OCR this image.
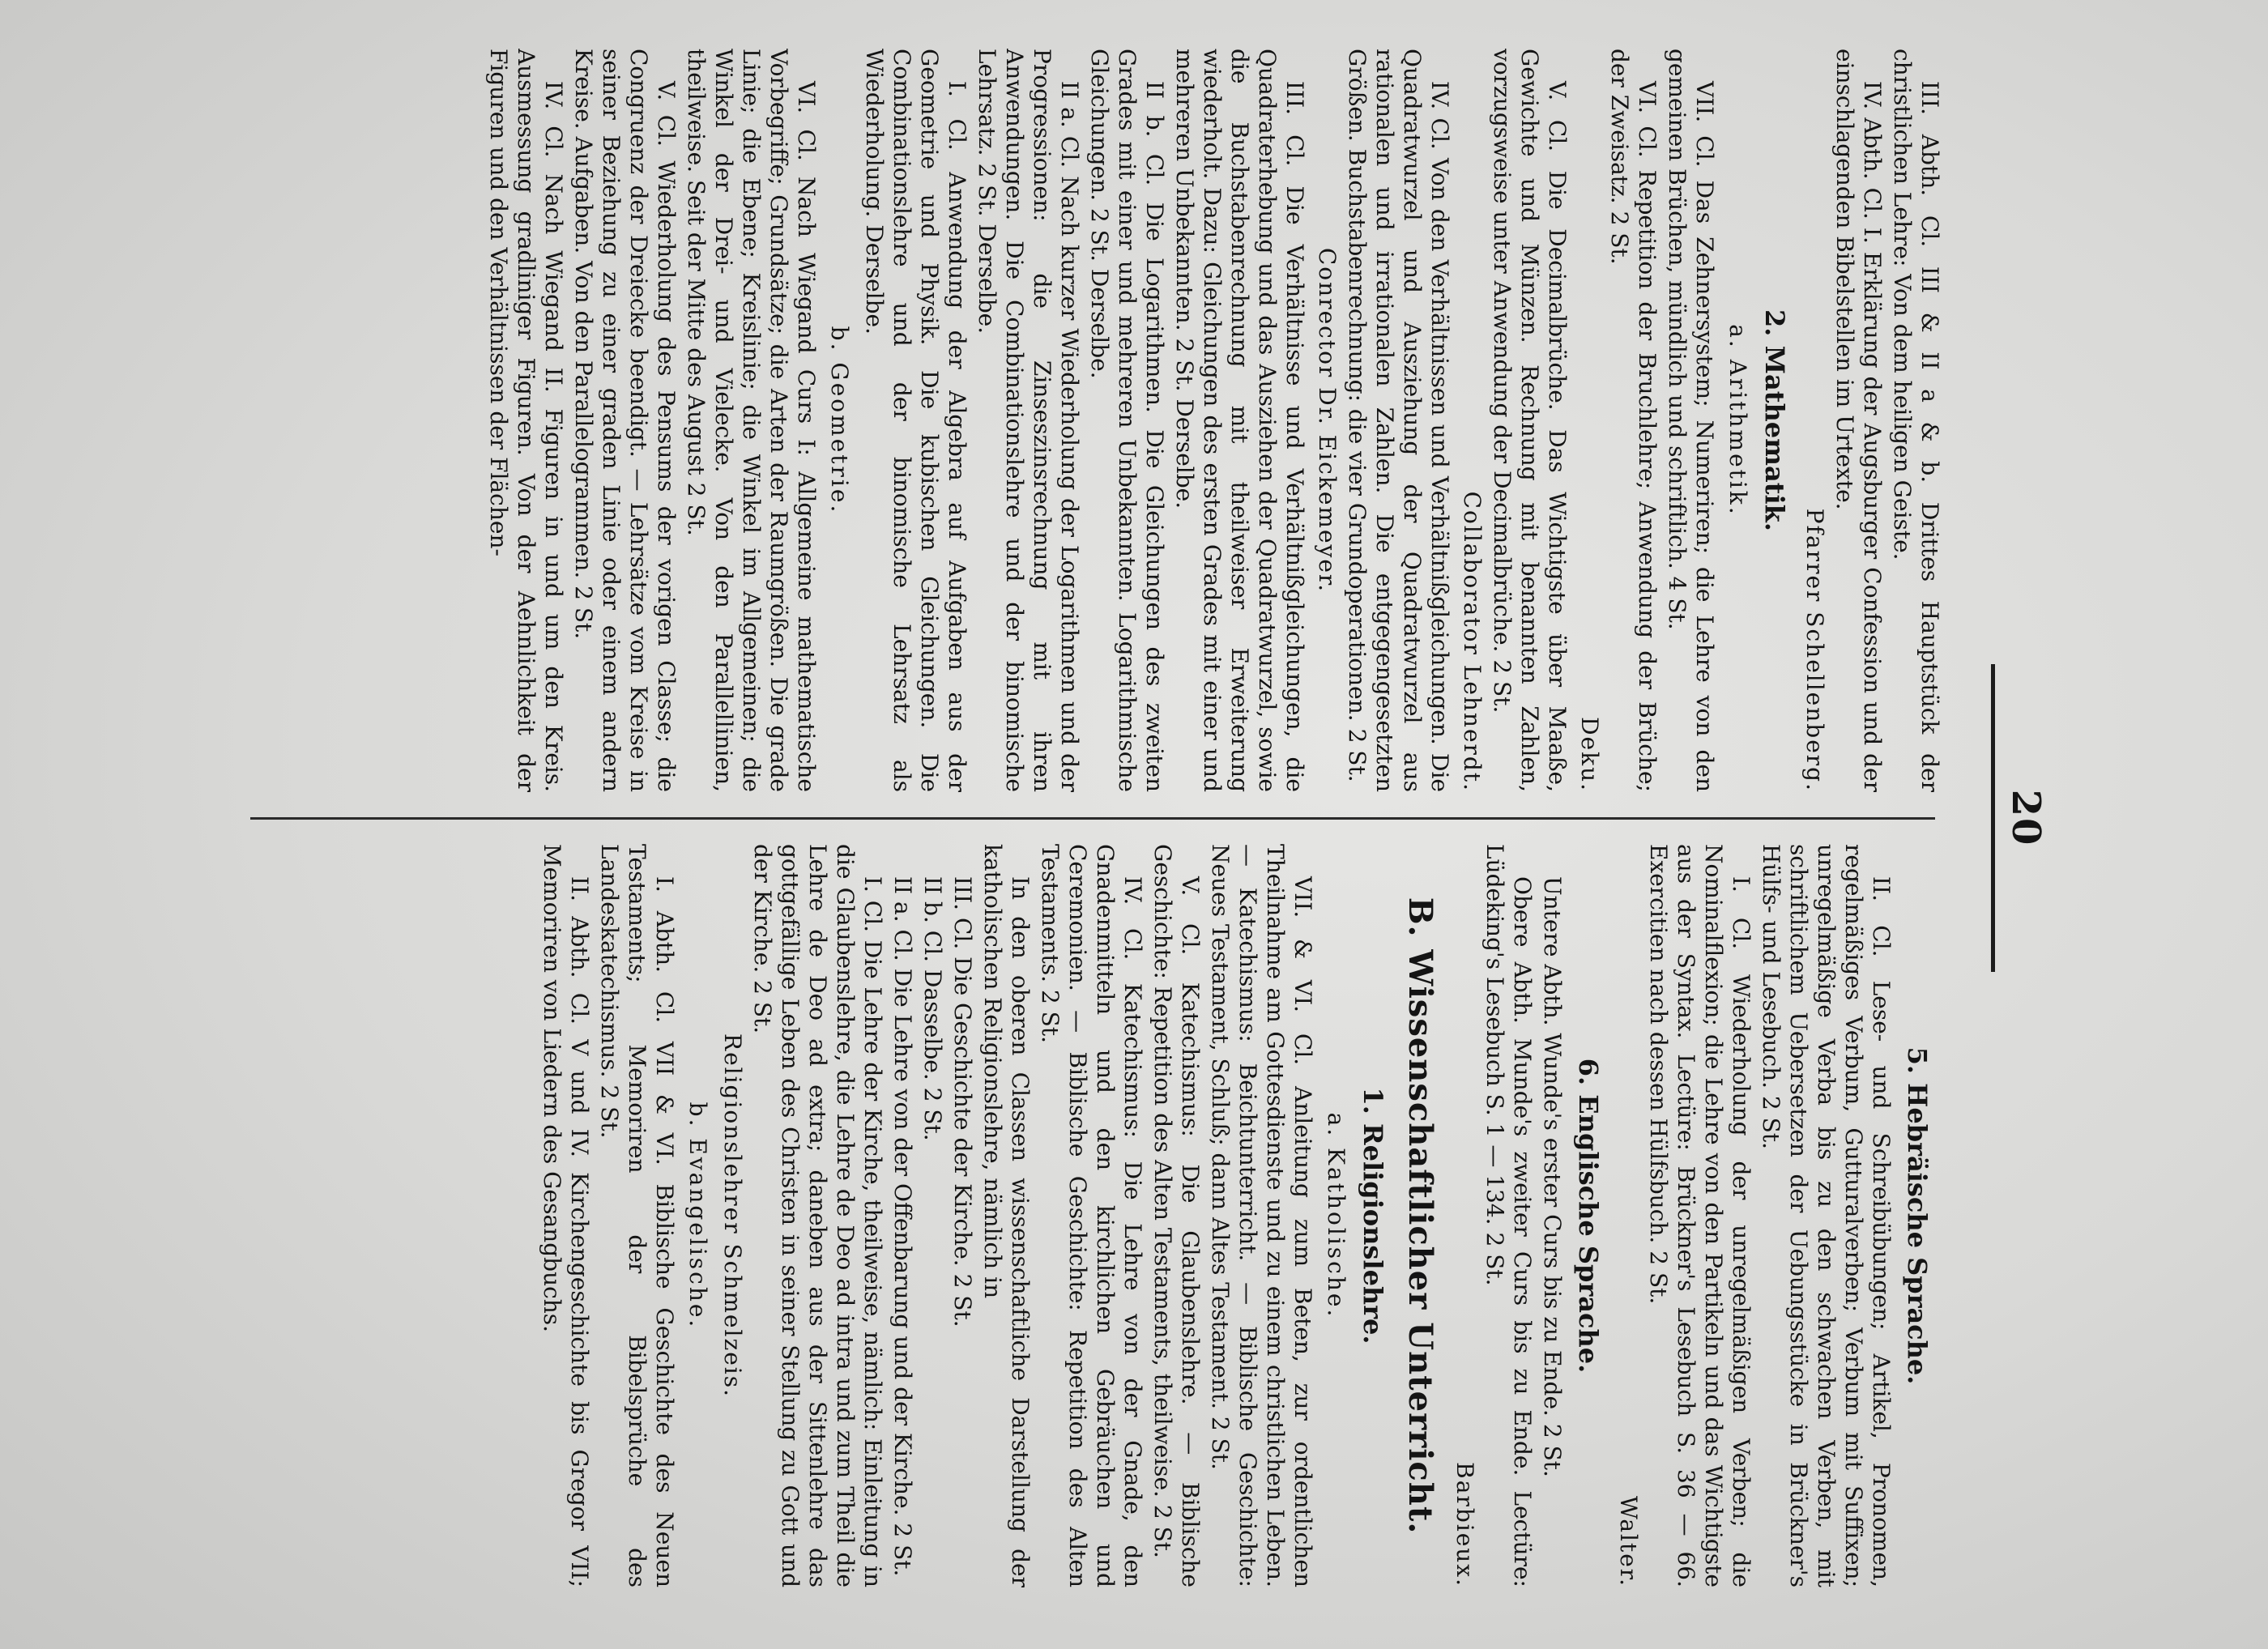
20
III. Abth. Cl. III & II a & b. Drittes Hauptstück der christlichen Lehre: Von dem heiligen Geiste.
IV. Abth. Cl. I. Erklärung der Augsburger Confession und der einschlagenden Bibelstellen im Urtexte.
Pfarrer Schellenberg.
2. Mathematik.
a. Arithmetik.
VII. Cl. Das Zehnersystem; Numeriren; die Lehre von den gemeinen Brüchen, mündlich und schriftlich. 4 St.
VI. Cl. Repetition der Bruchlehre; Anwendung der Brüche; der Zweisatz. 2 St.
Deku.
V. Cl. Die Decimalbrüche. Das Wichtigste über Maaße, Gewichte und Münzen. Rechnung mit benannten Zahlen, vorzugsweise unter Anwendung der Decimalbrüche. 2 St.
Collaborator Lehnerdt.
IV. Cl. Von den Verhältnissen und Verhältnißgleichungen. Die Quadratwurzel und Ausziehung der Quadratwurzel aus rationalen und irrationalen Zahlen. Die entgegengesetzten Größen. Buchstabenrechnung: die vier Grundoperationen. 2 St.
Conrector Dr. Eickemeyer.
III. Cl. Die Verhältnisse und Verhältnißgleichungen, die Quadraterhebung und das Ausziehen der Quadratwurzel, sowie die Buchstabenrechnung mit theilweiser Erweiterung wiederholt. Dazu: Gleichungen des ersten Grades mit einer und mehreren Unbekannten. 2 St. Derselbe.
II b. Cl. Die Logarithmen. Die Gleichungen des zweiten Grades mit einer und mehreren Unbekannten. Logarithmische Gleichungen. 2 St. Derselbe.
II a. Cl. Nach kurzer Wiederholung der Logarithmen und der Progressionen: die Zinseszinsrechnung mit ihren Anwendungen. Die Combinationslehre und der binomische Lehrsatz. 2 St. Derselbe.
I. Cl. Anwendung der Algebra auf Aufgaben aus der Geometrie und Physik. Die kubischen Gleichungen. Die Combinationslehre und der binomische Lehrsatz als Wiederholung. Derselbe.
b. Geometrie.
VI. Cl. Nach Wiegand Curs I: Allgemeine mathematische Vorbegriffe; Grundsätze; die Arten der Raumgrößen. Die grade Linie; die Ebene; Kreislinie; die Winkel im Allgemeinen; die Winkel der Drei- und Vielecke. Von den Parallellinien, theilweise. Seit der Mitte des August 2 St.
V. Cl. Wiederholung des Pensums der vorigen Classe; die Congruenz der Dreiecke beendigt. — Lehrsätze vom Kreise in seiner Beziehung zu einer graden Linie oder einem andern Kreise. Aufgaben. Von den Parallelogrammen. 2 St.
IV. Cl. Nach Wiegand II. Figuren in und um den Kreis. Ausmessung gradliniger Figuren. Von der Aehnlichkeit der Figuren und den Verhältnissen der Flächen-
5. Hebräische Sprache.
II. Cl. Lese- und Schreibübungen; Artikel, Pronomen, regelmäßiges Verbum, Gutturalverben; Verbum mit Suffixen; unregelmäßige Verba bis zu den schwachen Verben, mit schriftlichem Uebersetzen der Uebungsstücke in Brückner's Hülfs- und Lesebuch. 2 St.
I. Cl. Wiederholung der unregelmäßigen Verben; die Nominalflexion; die Lehre von den Partikeln und das Wichtigste aus der Syntax. Lectüre: Brückner's Lesebuch S. 36 — 66. Exercitien nach dessen Hülfsbuch. 2 St.
Walter.
6. Englische Sprache.
Untere Abth. Wunde's erster Curs bis zu Ende. 2 St.
Obere Abth. Munde's zweiter Curs bis zu Ende. Lectüre: Lüdeking's Lesebuch S. 1 — 134. 2 St.
Barbieux.
B. Wissenschaftlicher Unterricht.
1. Religionslehre.
a. Katholische.
VII. & VI. Cl. Anleitung zum Beten, zur ordentlichen Theilnahme am Gottesdienste und zu einem christlichen Leben. — Katechismus: Beichtunterricht. — Biblische Geschichte: Neues Testament, Schluß; dann Altes Testament. 2 St.
V. Cl. Katechismus: Die Glaubenslehre. — Biblische Geschichte: Repetition des Alten Testaments, theilweise. 2 St.
IV. Cl. Katechismus: Die Lehre von der Gnade, den Gnadenmitteln und den kirchlichen Gebräuchen und Ceremonien. — Biblische Geschichte: Repetition des Alten Testaments. 2 St.
In den oberen Classen wissenschaftliche Darstellung der katholischen Religionslehre, nämlich in
III. Cl. Die Geschichte der Kirche. 2 St.
II b. Cl. Dasselbe. 2 St.
II a. Cl. Die Lehre von der Offenbarung und der Kirche. 2 St.
I. Cl. Die Lehre der Kirche, theilweise, nämlich: Einleitung in die Glaubenslehre, die Lehre de Deo ad intra und zum Theil die Lehre de Deo ad extra; daneben aus der Sittenlehre das gottgefällige Leben des Christen in seiner Stellung zu Gott und der Kirche. 2 St.
Religionslehrer Schmelzeis.
b. Evangelische.
I. Abth. Cl. VII & VI. Biblische Geschichte des Neuen Testaments; Memoriren der Bibelsprüche des Landeskatechismus. 2 St.
II. Abth. Cl. V und IV. Kirchengeschichte bis Gregor VII; Memoriren von Liedern des Gesangbuchs.
